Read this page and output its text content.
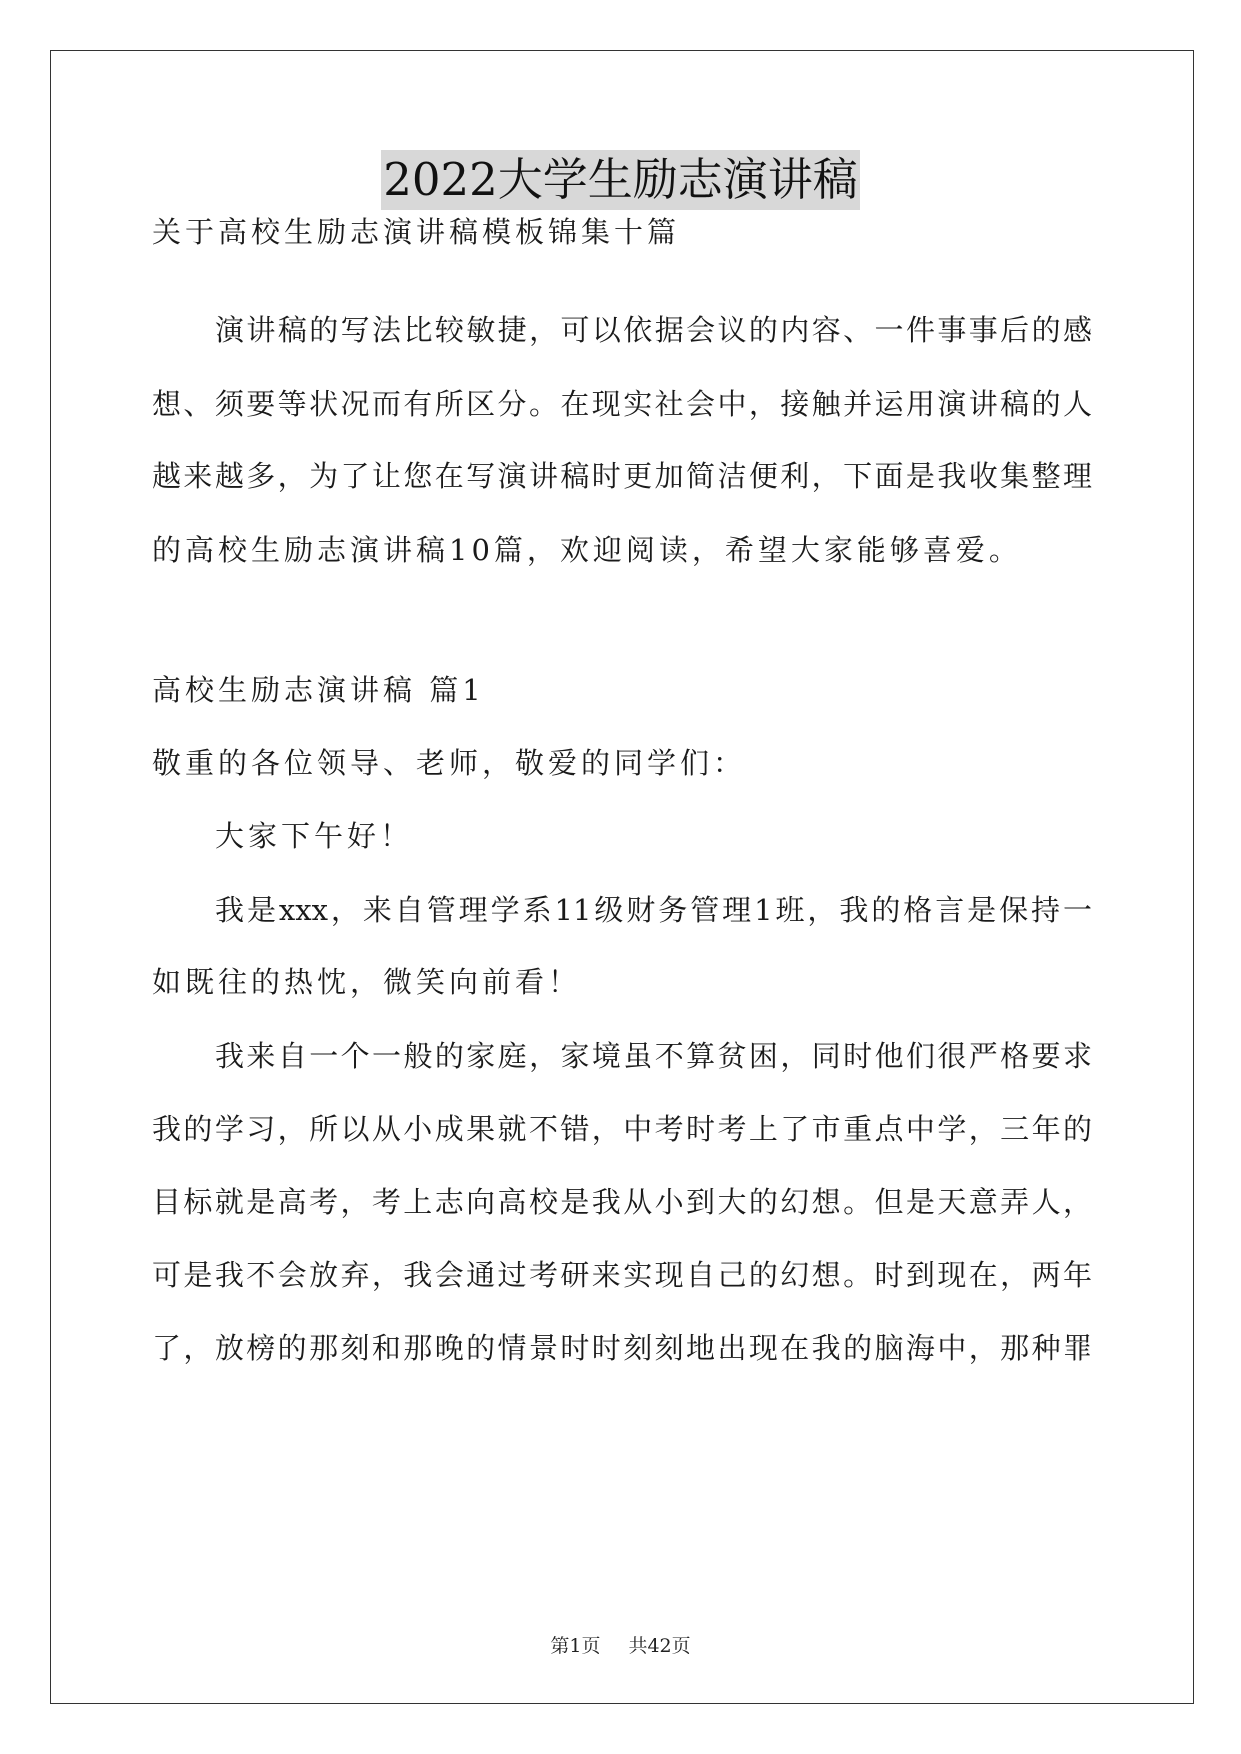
2022大学生励志演讲稿
关于高校生励志演讲稿模板锦集十篇
演讲稿的写法比较敏捷，可以依据会议的内容、一件事事后的感
想、须要等状况而有所区分。在现实社会中，接触并运用演讲稿的人
越来越多，为了让您在写演讲稿时更加简洁便利，下面是我收集整理
的高校生励志演讲稿10篇，欢迎阅读，希望大家能够喜爱。
高校生励志演讲稿 篇1
敬重的各位领导、老师，敬爱的同学们：
大家下午好！
我是xxx，来自管理学系11级财务管理1班，我的格言是保持一
如既往的热忱，微笑向前看！
我来自一个一般的家庭，家境虽不算贫困，同时他们很严格要求
我的学习，所以从小成果就不错，中考时考上了市重点中学，三年的
目标就是高考，考上志向高校是我从小到大的幻想。但是天意弄人，
可是我不会放弃，我会通过考研来实现自己的幻想。时到现在，两年
了，放榜的那刻和那晚的情景时时刻刻地出现在我的脑海中，那种罪
第1页 共42页
